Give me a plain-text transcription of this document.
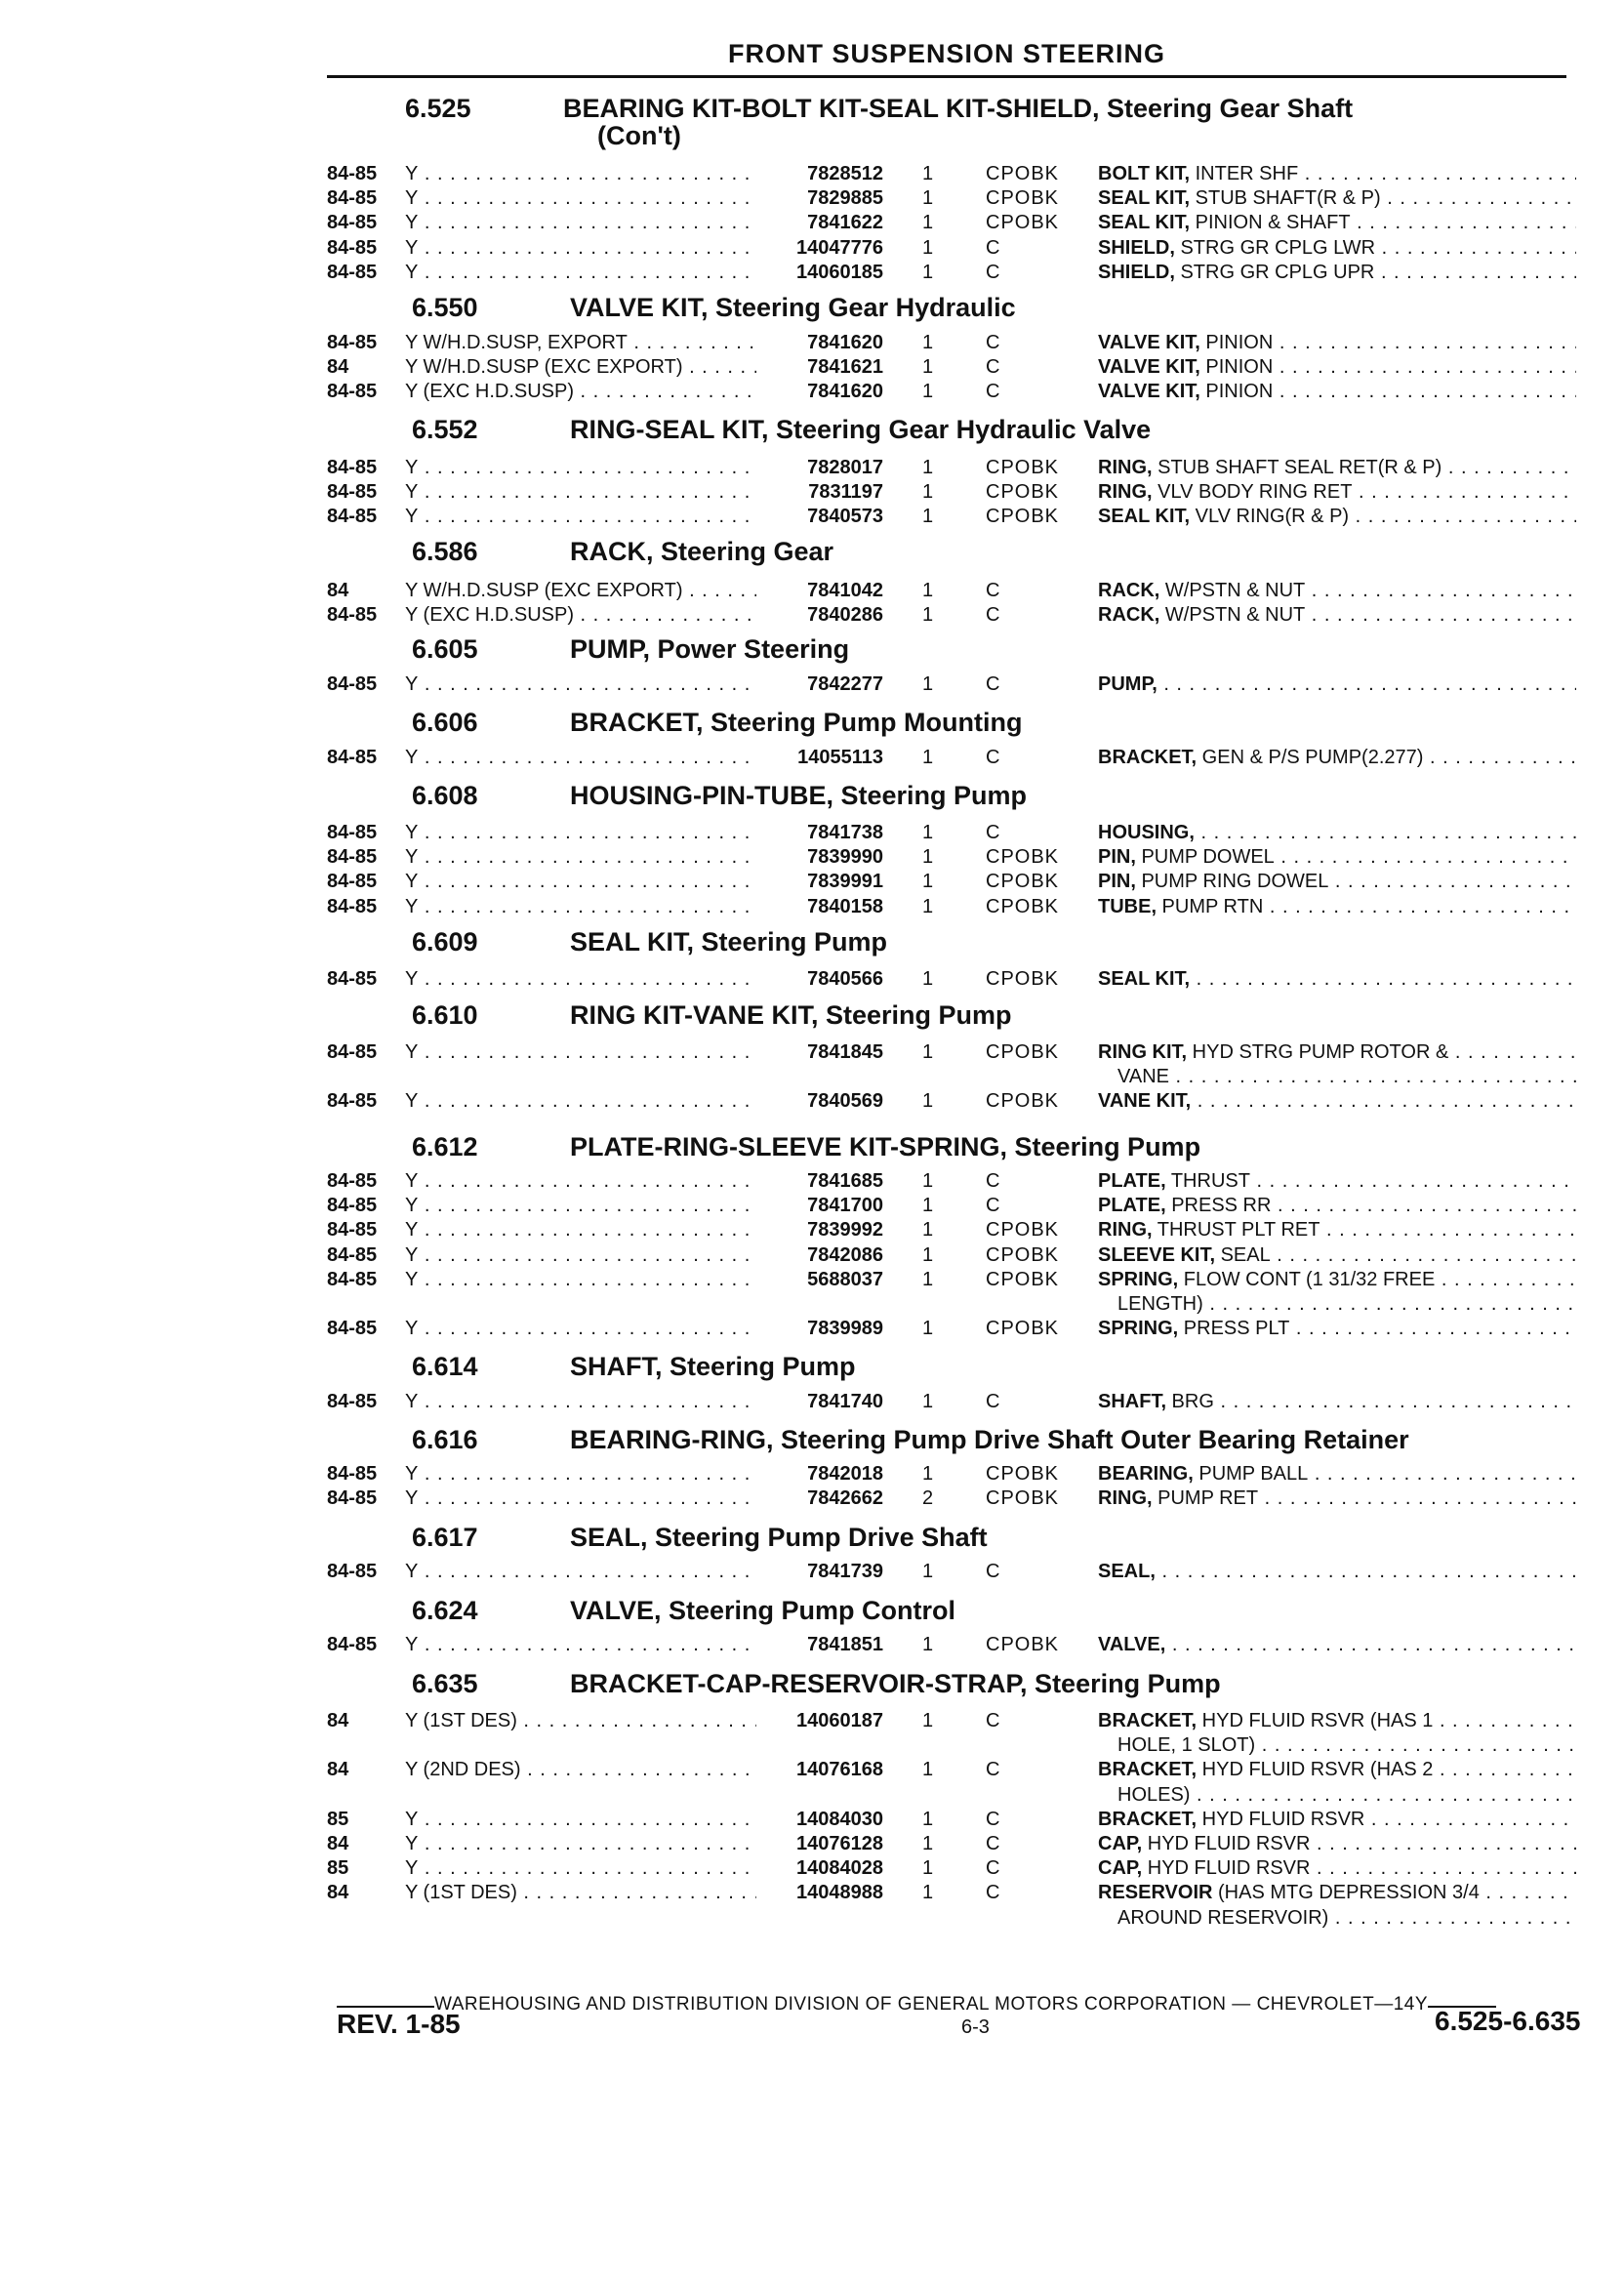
FRONT SUSPENSION STEERING
6.525	BEARING KIT-BOLT KIT-SEAL KIT-SHIELD, Steering Gear Shaft
(Con't)
84-85 Y . . .	7828512 1	CPOBK BOLT KIT, INTER SHF . . .
84-85 Y . . .	7829885 1	CPOBK SEAL KIT, STUB SHAFT(R & P) . . .
84-85 Y . . .	7841622 1	CPOBK SEAL KIT, PINION & SHAFT . . .
84-85 Y . . .	14047776 1	C	SHIELD, STRG GR CPLG LWR . . .
84-85 Y . . .	14060185 1	C	SHIELD, STRG GR CPLG UPR . . .
6.550	VALVE KIT, Steering Gear Hydraulic
84-85 Y W/H.D.SUSP, EXPORT . . .	7841620 1	C	VALVE KIT, PINION . . .
84	Y W/H.D.SUSP (EXC EXPORT) . . .	7841621 1	C	VALVE KIT, PINION . . .
84-85 Y (EXC H.D.SUSP) . . .	7841620 1	C	VALVE KIT, PINION . . .
6.552	RING-SEAL KIT, Steering Gear Hydraulic Valve
84-85 Y . . .	7828017 1	CPOBK RING, STUB SHAFT SEAL RET(R & P) . . .
84-85 Y . . .	7831197 1	CPOBK RING, VLV BODY RING RET . . .
84-85 Y . . .	7840573 1	CPOBK SEAL KIT, VLV RING(R & P) . . .
6.586	RACK, Steering Gear
84	Y W/H.D.SUSP (EXC EXPORT) . . .	7841042 1	C	RACK, W/PSTN & NUT . . .
84-85 Y (EXC H.D.SUSP) . . .	7840286 1	C	RACK, W/PSTN & NUT . . .
6.605	PUMP, Power Steering
84-85 Y . . .	7842277 1	C	PUMP, . . .
6.606	BRACKET, Steering Pump Mounting
84-85 Y . . .	14055113 1	C	BRACKET, GEN & P/S PUMP(2.277) . . .
6.608	HOUSING-PIN-TUBE, Steering Pump
84-85 Y . . .	7841738 1	C	HOUSING, . . .
84-85 Y . . .	7839990 1	CPOBK PIN, PUMP DOWEL . . .
84-85 Y . . .	7839991 1	CPOBK PIN, PUMP RING DOWEL . . .
84-85 Y . . .	7840158 1	CPOBK TUBE, PUMP RTN . . .
6.609	SEAL KIT, Steering Pump
84-85 Y . . .	7840566 1	CPOBK SEAL KIT, . . .
6.610	RING KIT-VANE KIT, Steering Pump
84-85 Y . . .	7841845 1	CPOBK RING KIT, HYD STRG PUMP ROTOR & . . .
VANE . . .
84-85 Y . . .	7840569 1	CPOBK VANE KIT, . . .
6.612	PLATE-RING-SLEEVE KIT-SPRING, Steering Pump
84-85 Y . . .	7841685 1	C	PLATE, THRUST . . .
84-85 Y . . .	7841700 1	C	PLATE, PRESS RR . . .
84-85 Y . . .	7839992 1	CPOBK RING, THRUST PLT RET . . .
84-85 Y . . .	7842086 1	CPOBK SLEEVE KIT, SEAL . . .
84-85 Y . . .	5688037 1	CPOBK SPRING, FLOW CONT (1 31/32 FREE . . .
LENGTH) . . .
84-85 Y . . .	7839989 1	CPOBK SPRING, PRESS PLT . . .
6.614	SHAFT, Steering Pump
84-85 Y . . .	7841740 1	C	SHAFT, BRG . . .
6.616	BEARING-RING, Steering Pump Drive Shaft Outer Bearing Retainer
84-85 Y . . .	7842018 1	CPOBK BEARING, PUMP BALL . . .
84-85 Y . . .	7842662 2	CPOBK RING, PUMP RET . . .
6.617	SEAL, Steering Pump Drive Shaft
84-85 Y . . .	7841739 1	C	SEAL, . . .
6.624	VALVE, Steering Pump Control
84-85 Y . . .	7841851 1	CPOBK VALVE, . . .
6.635	BRACKET-CAP-RESERVOIR-STRAP, Steering Pump
84	Y (1ST DES) . . .	14060187 1	C	BRACKET, HYD FLUID RSVR (HAS 1 . . .
HOLE, 1 SLOT) . . .
84	Y (2ND DES) . . .	14076168 1	C	BRACKET, HYD FLUID RSVR (HAS 2 . . .
HOLES) . . .
85	Y . . .	14084030 1	C	BRACKET, HYD FLUID RSVR . . .
84	Y . . .	14076128 1	C	CAP, HYD FLUID RSVR . . .
85	Y . . .	14084028 1	C	CAP, HYD FLUID RSVR . . .
84	Y (1ST DES) . . .	14048988 1	C	RESERVOIR (HAS MTG DEPRESSION 3/4 . . .
AROUND RESERVOIR) . . .
WAREHOUSING AND DISTRIBUTION DIVISION OF GENERAL MOTORS CORPORATION — CHEVROLET—14Y
REV. 1-85	6-3	6.525-6.635
